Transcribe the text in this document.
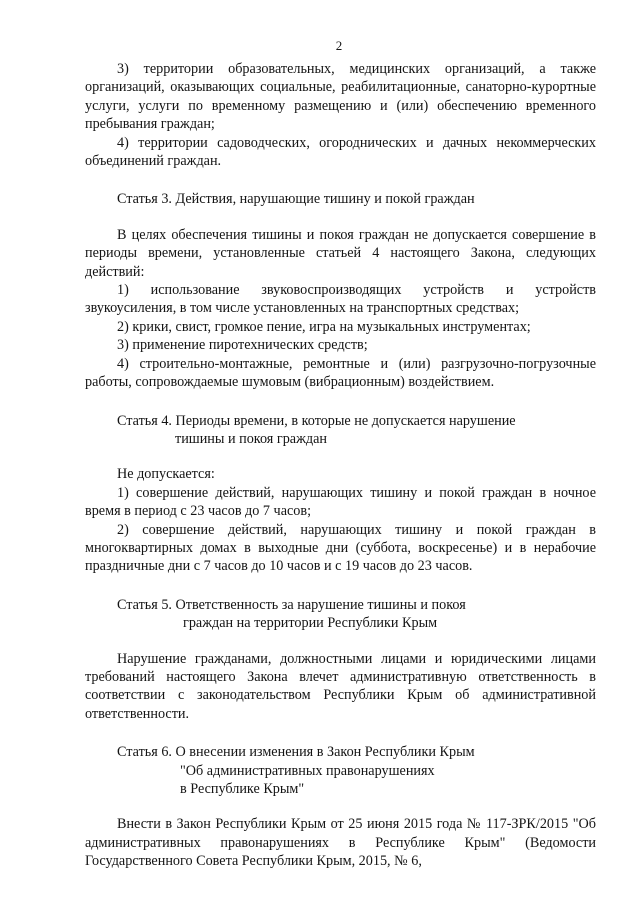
2

3) территории образовательных, медицинских организаций, а также организаций, оказывающих социальные, реабилитационные, санаторно-курортные услуги, услуги по временному размещению и (или) обеспечению временного пребывания граждан;

4) территории садоводческих, огороднических и дачных некоммерческих объединений граждан.

Статья 3. Действия, нарушающие тишину и покой граждан

В целях обеспечения тишины и покоя граждан не допускается совершение в периоды времени, установленные статьей 4 настоящего Закона, следующих действий:

1) использование звуковоспроизводящих устройств и устройств звукоусиления, в том числе установленных на транспортных средствах;

2) крики, свист, громкое пение, игра на музыкальных инструментах;

3) применение пиротехнических средств;

4) строительно-монтажные, ремонтные и (или) разгрузочно-погрузочные работы, сопровождаемые шумовым (вибрационным) воздействием.

Статья 4. Периоды времени, в которые не допускается нарушение
тишины и покоя граждан

Не допускается:

1) совершение действий, нарушающих тишину и покой граждан в ночное время в период с 23 часов до 7 часов;

2) совершение действий, нарушающих тишину и покой граждан в многоквартирных домах в выходные дни (суббота, воскресенье) и в нерабочие праздничные дни с 7 часов до 10 часов и с 19 часов до 23 часов.

Статья 5. Ответственность за нарушение тишины и покоя
граждан на территории Республики Крым

Нарушение гражданами, должностными лицами и юридическими лицами требований настоящего Закона влечет административную ответственность в соответствии с законодательством Республики Крым об административной ответственности.

Статья 6. О внесении изменения в Закон Республики Крым
"Об административных правонарушениях
в Республике Крым"

Внести в Закон Республики Крым от 25 июня 2015 года № 117-ЗРК/2015 "Об административных правонарушениях в Республике Крым" (Ведомости Государственного Совета Республики Крым, 2015, № 6,
